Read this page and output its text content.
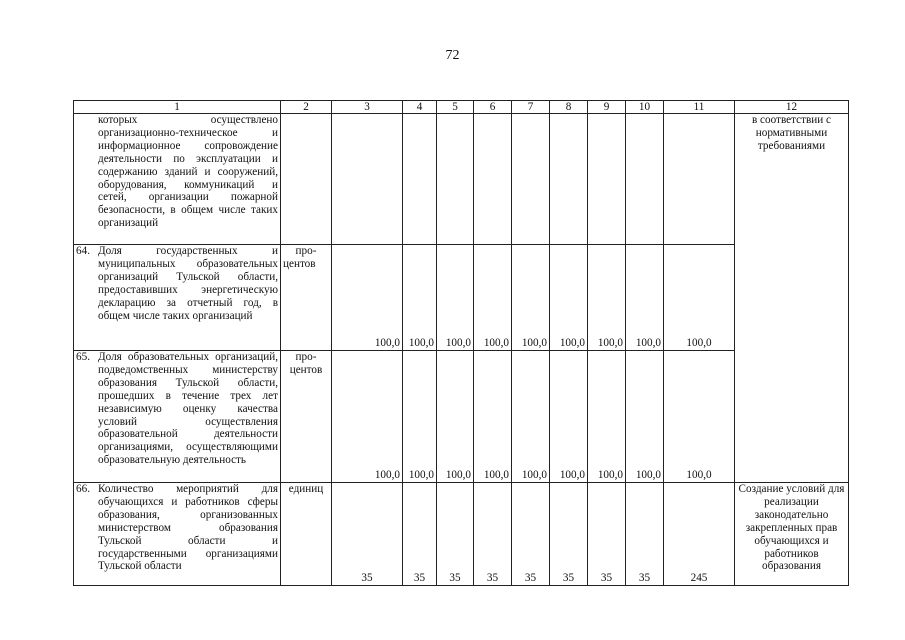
72
1	2	3	4	5	6	7	8	9	10	11	12
которых осуществлено организационно-техническое и информационное сопровождение деятельности по эксплуатации и содержанию зданий и сооружений, оборудования, коммуникаций и сетей, организации пожарной безопасности, в общем числе таких организаций											в соответствии с нормативными требованиями

64. Доля государственных и муниципальных образовательных организаций Тульской области, предоставивших энергетическую декларацию за отчетный год, в общем числе таких организаций	про-центов	100,0	100,0	100,0	100,0	100,0	100,0	100,0	100,0	100,0	

65. Доля образовательных организаций, подведомственных министерству образования Тульской области, прошедших в течение трех лет независимую оценку качества условий осуществления образовательной деятельности организациями, осуществляющими образовательную деятельность	про-центов	100,0	100,0	100,0	100,0	100,0	100,0	100,0	100,0	100,0	

66. Количество мероприятий для обучающихся и работников сферы образования, организованных министерством образования Тульской области и государственными организациями Тульской области	единиц	35	35	35	35	35	35	35	35	245	Создание условий для реализации законодательно закрепленных прав обучающихся и работников образования
